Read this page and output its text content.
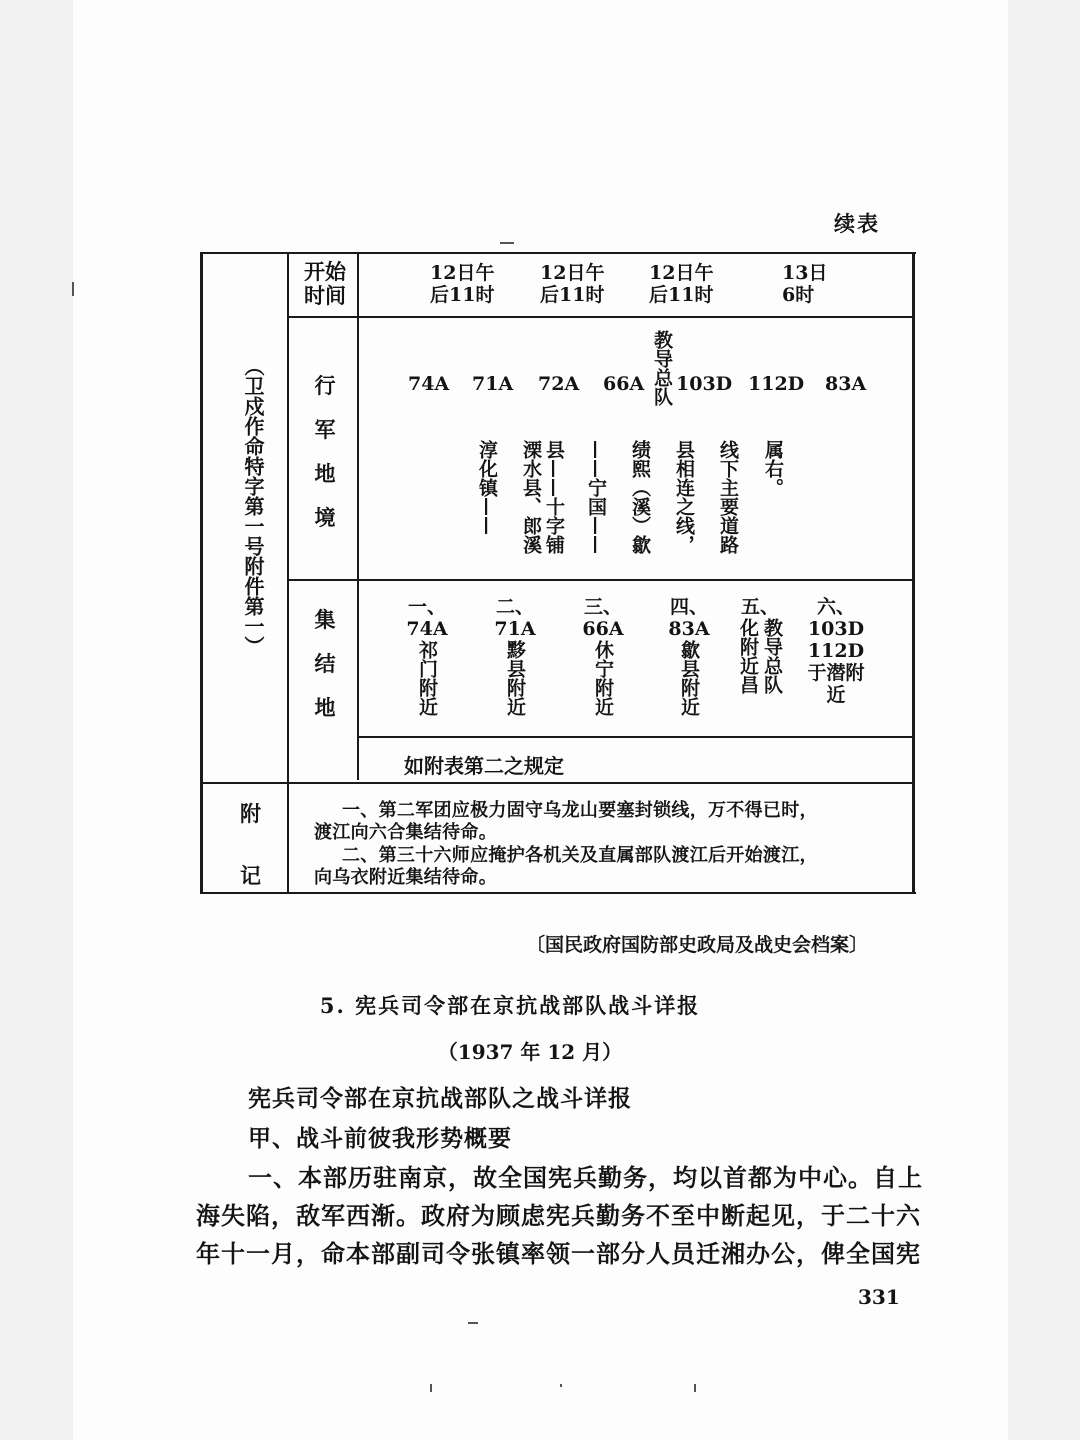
续表
（卫戍作命特字第一号附件第一）
开始
时间
12日午
后11时
12日午
后11时
12日午
后11时
13日
6时
行
军
地
境
74A 71A 72A 66A 教导总队 103D 112D 83A
淳化镇—— 溧水县、郎溪 县——十字铺 ——宁国—— 绩熙（溪）歙 县相连之线， 线下主要道路 属右。
集
结
地
一、
74A
祁门附近
二、
71A
黟县附近
三、
66A
休宁附近
四、
83A
歙县附近
五、
化附近昌 教导总队
六、
103D
112D于潜附近
如附表第二之规定
附
记
一、第二军团应极力固守乌龙山要塞封锁线，万不得已时，
渡江向六合集结待命。
二、第三十六师应掩护各机关及直属部队渡江后开始渡江，
向乌衣附近集结待命。
〔国民政府国防部史政局及战史会档案〕
5. 宪兵司令部在京抗战部队战斗详报
（1937 年 12 月）
宪兵司令部在京抗战部队之战斗详报
甲、战斗前彼我形势概要
一、本部历驻南京，故全国宪兵勤务，均以首都为中心。自上
海失陷，敌军西渐。政府为顾虑宪兵勤务不至中断起见，于二十六
年十一月，命本部副司令张镇率领一部分人员迁湘办公，俾全国宪
331
